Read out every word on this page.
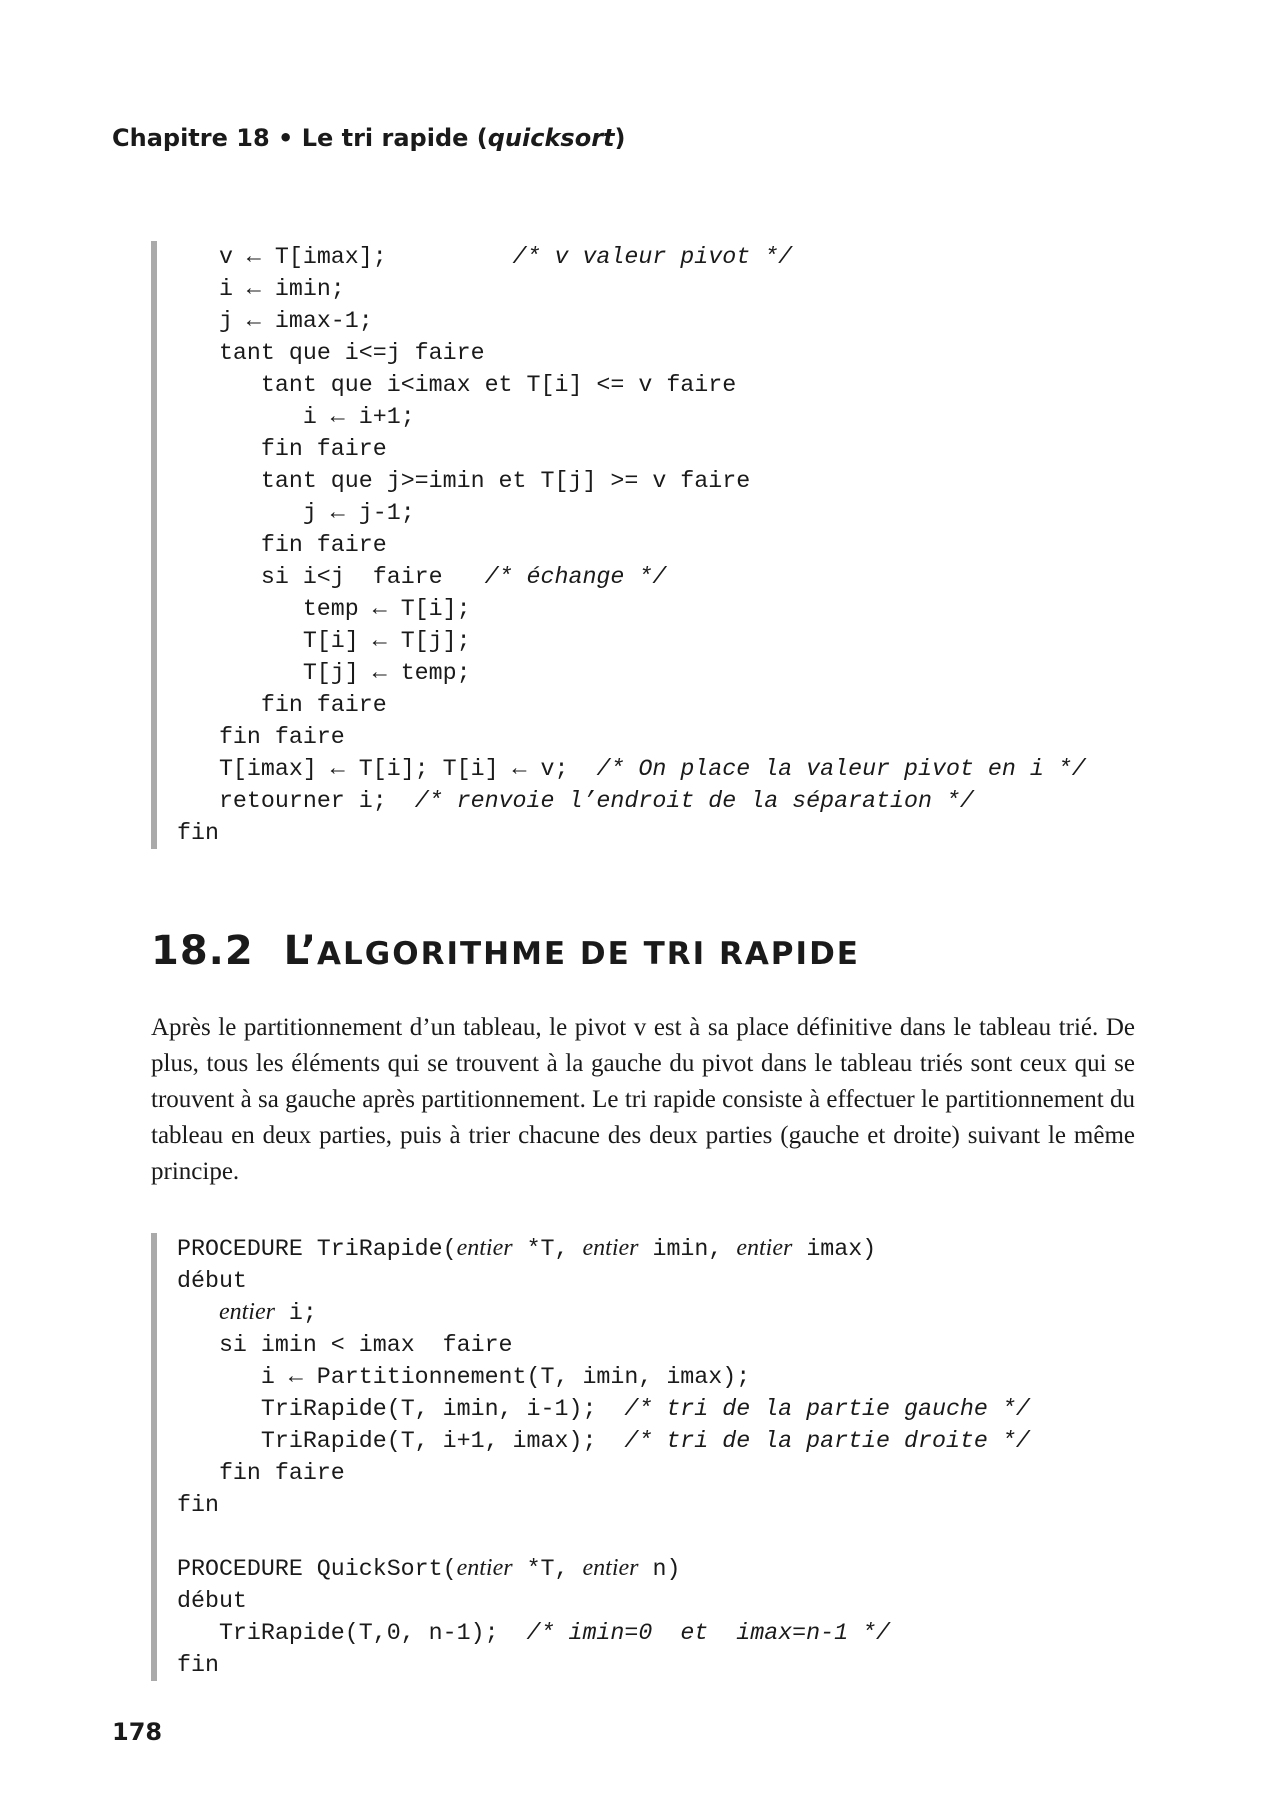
Chapitre 18 • Le tri rapide (quicksort)
v ← T[imax];         /* v valeur pivot */
i ← imin;
j ← imax-1;
tant que i<=j faire
tant que i<imax et T[i] <= v faire
i ← i+1;
fin faire
tant que j>=imin et T[j] >= v faire
j ← j-1;
fin faire
si i<j  faire   /* échange */
temp ← T[i];
T[i] ← T[j];
T[j] ← temp;
fin faire
fin faire
T[imax] ← T[i]; T[i] ← v;  /* On place la valeur pivot en i */
retourner i;  /* renvoie l’endroit de la séparation */
fin
18.2 L’ALGORITHME DE TRI RAPIDE
Après le partitionnement d’un tableau, le pivot v est à sa place définitive dans le tableau trié. De plus, tous les éléments qui se trouvent à la gauche du pivot dans le tableau triés sont ceux qui se trouvent à sa gauche après partitionnement. Le tri rapide consiste à effectuer le partitionnement du tableau en deux parties, puis à trier chacune des deux parties (gauche et droite) suivant le même principe.
PROCEDURE TriRapide(entier *T, entier imin, entier imax)
début
entier i;
si imin < imax  faire
i ← Partitionnement(T, imin, imax);
TriRapide(T, imin, i-1);  /* tri de la partie gauche */
TriRapide(T, i+1, imax);  /* tri de la partie droite */
fin faire
fin
PROCEDURE QuickSort(entier *T, entier n)
début
TriRapide(T,0, n-1);  /* imin=0  et  imax=n-1 */
fin
178
